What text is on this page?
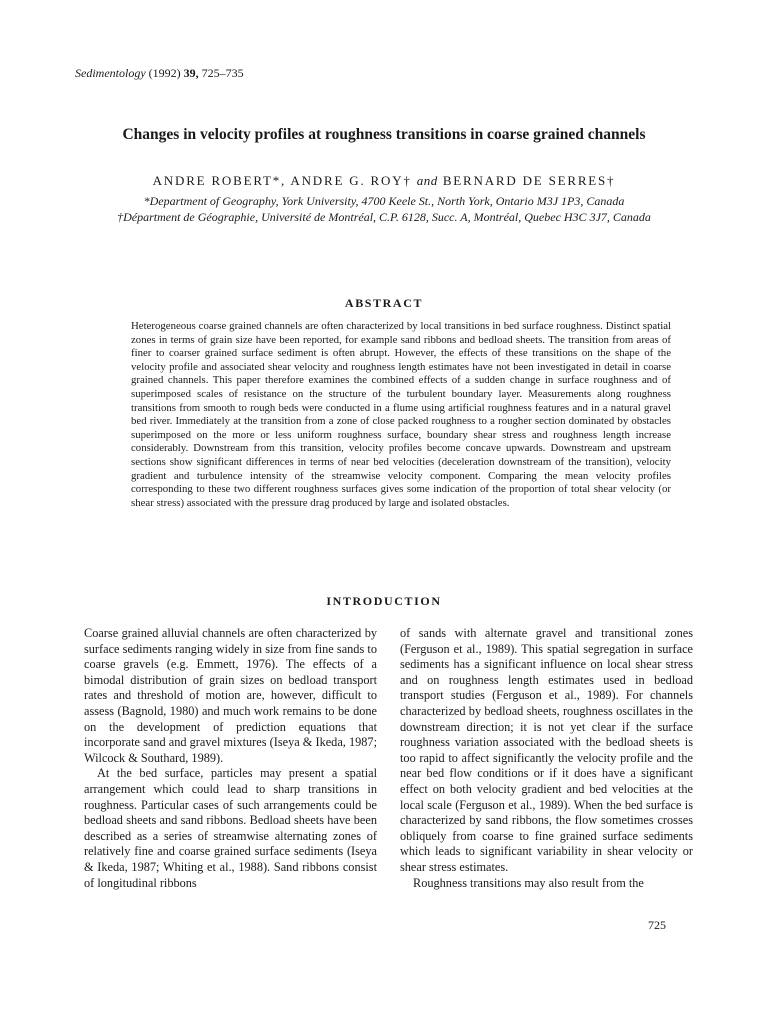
Sedimentology (1992) 39, 725–735
Changes in velocity profiles at roughness transitions in coarse grained channels
ANDRE ROBERT*, ANDRE G. ROY† and BERNARD DE SERRES†
*Department of Geography, York University, 4700 Keele St., North York, Ontario M3J 1P3, Canada
†Départment de Géographie, Université de Montréal, C.P. 6128, Succ. A, Montréal, Quebec H3C 3J7, Canada
ABSTRACT
Heterogeneous coarse grained channels are often characterized by local transitions in bed surface roughness. Distinct spatial zones in terms of grain size have been reported, for example sand ribbons and bedload sheets. The transition from areas of finer to coarser grained surface sediment is often abrupt. However, the effects of these transitions on the shape of the velocity profile and associated shear velocity and roughness length estimates have not been investigated in detail in coarse grained channels. This paper therefore examines the combined effects of a sudden change in surface roughness and of superimposed scales of resistance on the structure of the turbulent boundary layer. Measurements along roughness transitions from smooth to rough beds were conducted in a flume using artificial roughness features and in a natural gravel bed river. Immediately at the transition from a zone of close packed roughness to a rougher section dominated by obstacles superimposed on the more or less uniform roughness surface, boundary shear stress and roughness length increase considerably. Downstream from this transition, velocity profiles become concave upwards. Downstream and upstream sections show significant differences in terms of near bed velocities (deceleration downstream of the transition), velocity gradient and turbulence intensity of the streamwise velocity component. Comparing the mean velocity profiles corresponding to these two different roughness surfaces gives some indication of the proportion of total shear velocity (or shear stress) associated with the pressure drag produced by large and isolated obstacles.
INTRODUCTION

Coarse grained alluvial channels are often characterized by surface sediments ranging widely in size from fine sands to coarse gravels (e.g. Emmett, 1976). The effects of a bimodal distribution of grain sizes on bedload transport rates and threshold of motion are, however, difficult to assess (Bagnold, 1980) and much work remains to be done on the development of prediction equations that incorporate sand and gravel mixtures (Iseya & Ikeda, 1987; Wilcock & Southard, 1989).

At the bed surface, particles may present a spatial arrangement which could lead to sharp transitions in roughness. Particular cases of such arrangements could be bedload sheets and sand ribbons. Bedload sheets have been described as a series of streamwise alternating zones of relatively fine and coarse grained surface sediments (Iseya & Ikeda, 1987; Whiting et al., 1988). Sand ribbons consist of longitudinal ribbons

of sands with alternate gravel and transitional zones (Ferguson et al., 1989). This spatial segregation in surface sediments has a significant influence on local shear stress and on roughness length estimates used in bedload transport studies (Ferguson et al., 1989). For channels characterized by bedload sheets, roughness oscillates in the downstream direction; it is not yet clear if the surface roughness variation associated with the bedload sheets is too rapid to affect significantly the velocity profile and the near bed flow conditions or if it does have a significant effect on both velocity gradient and bed velocities at the local scale (Ferguson et al., 1989). When the bed surface is characterized by sand ribbons, the flow sometimes crosses obliquely from coarse to fine grained surface sediments which leads to significant variability in shear velocity or shear stress estimates.

Roughness transitions may also result from the

725
